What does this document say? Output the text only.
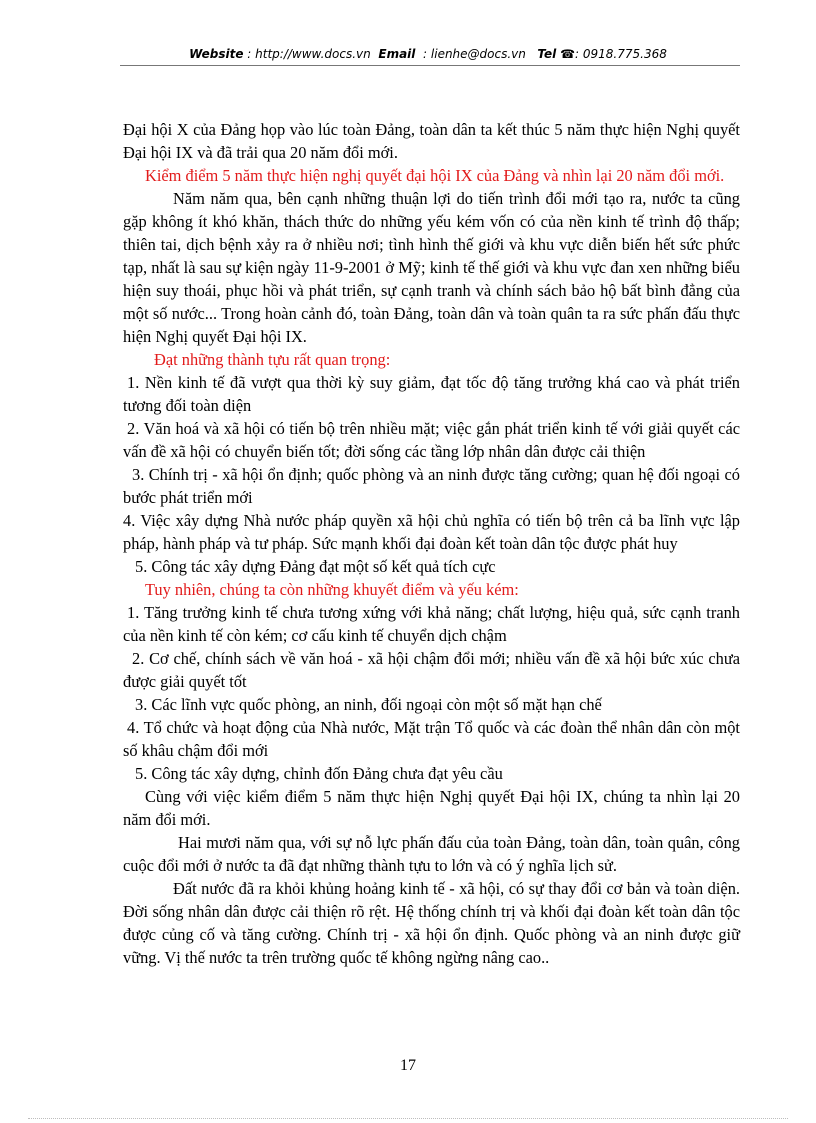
Website : http://www.docs.vn Email : lienhe@docs.vn Tel ☎: 0918.775.368

Đại hội X của Đảng họp vào lúc toàn Đảng, toàn dân ta kết thúc 5 năm thực hiện Nghị quyết Đại hội IX và đã trải qua 20 năm đổi mới.

Kiểm điểm 5 năm thực hiện nghị quyết đại hội IX của Đảng và nhìn lại 20 năm đổi mới.

Năm năm qua, bên cạnh những thuận lợi do tiến trình đổi mới tạo ra, nước ta cũng gặp không ít khó khăn, thách thức do những yếu kém vốn có của nền kinh tế trình độ thấp; thiên tai, dịch bệnh xảy ra ở nhiều nơi; tình hình thế giới và khu vực diễn biến hết sức phức tạp, nhất là sau sự kiện ngày 11-9-2001 ở Mỹ; kinh tế thế giới và khu vực đan xen những biểu hiện suy thoái, phục hồi và phát triển, sự cạnh tranh và chính sách bảo hộ bất bình đẳng của một số nước... Trong hoàn cảnh đó, toàn Đảng, toàn dân và toàn quân ta ra sức phấn đấu thực hiện Nghị quyết Đại hội IX.

Đạt những thành tựu rất quan trọng:

1. Nền kinh tế đã vượt qua thời kỳ suy giảm, đạt tốc độ tăng trưởng khá cao và phát triển tương đối toàn diện

2. Văn hoá và xã hội có tiến bộ trên nhiều mặt; việc gắn phát triển kinh tế với giải quyết các vấn đề xã hội có chuyển biến tốt; đời sống các tầng lớp nhân dân được cải thiện

3. Chính trị - xã hội ổn định; quốc phòng và an ninh được tăng cường; quan hệ đối ngoại có bước phát triển mới

4. Việc xây dựng Nhà nước pháp quyền xã hội chủ nghĩa có tiến bộ trên cả ba lĩnh vực lập pháp, hành pháp và tư pháp. Sức mạnh khối đại đoàn kết toàn dân tộc được phát huy

5. Công tác xây dựng Đảng đạt một số kết quả tích cực

Tuy nhiên, chúng ta còn những khuyết điểm và yếu kém:

1. Tăng trưởng kinh tế chưa tương xứng với khả năng; chất lượng, hiệu quả, sức cạnh tranh của nền kinh tế còn kém; cơ cấu kinh tế chuyển dịch chậm

2. Cơ chế, chính sách về văn hoá - xã hội chậm đổi mới; nhiều vấn đề xã hội bức xúc chưa được giải quyết tốt

3. Các lĩnh vực quốc phòng, an ninh, đối ngoại còn một số mặt hạn chế

4. Tổ chức và hoạt động của Nhà nước, Mặt trận Tổ quốc và các đoàn thể nhân dân còn một số khâu chậm đổi mới

5. Công tác xây dựng, chỉnh đốn Đảng chưa đạt yêu cầu

Cùng với việc kiểm điểm 5 năm thực hiện Nghị quyết Đại hội IX, chúng ta nhìn lại 20 năm đổi mới.

Hai mươi năm qua, với sự nỗ lực phấn đấu của toàn Đảng, toàn dân, toàn quân, công cuộc đổi mới ở nước ta đã đạt những thành tựu to lớn và có ý nghĩa lịch sử.

Đất nước đã ra khỏi khủng hoảng kinh tế - xã hội, có sự thay đổi cơ bản và toàn diện. Đời sống nhân dân được cải thiện rõ rệt. Hệ thống chính trị và khối đại đoàn kết toàn dân tộc được củng cố và tăng cường. Chính trị - xã hội ổn định. Quốc phòng và an ninh được giữ vững. Vị thế nước ta trên trường quốc tế không ngừng nâng cao..

17
